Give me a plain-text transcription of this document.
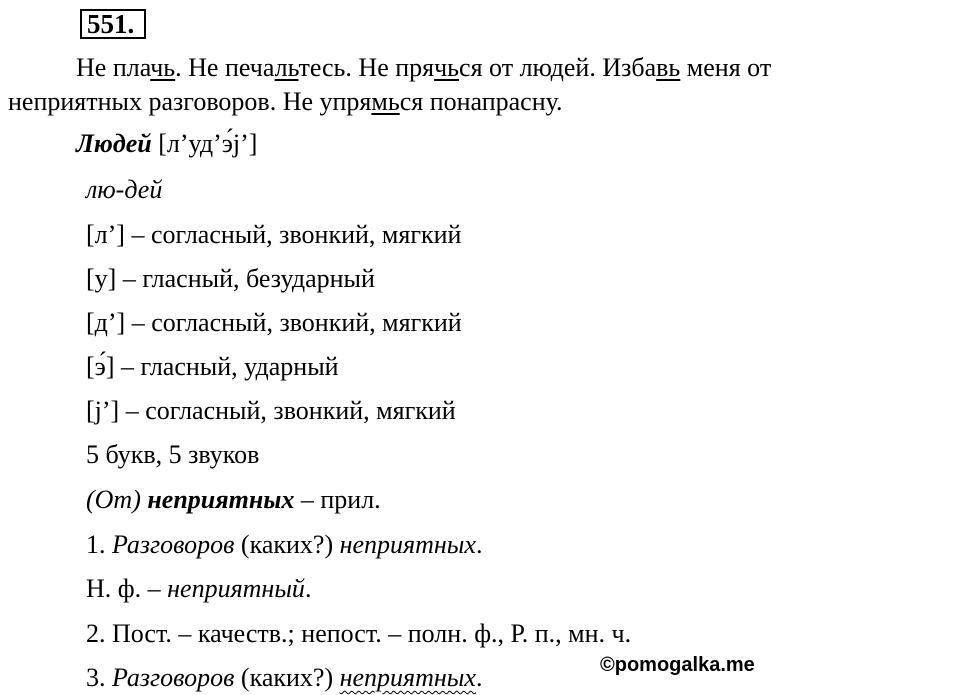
551.
Не плачь. Не печальтесь. Не прячься от людей. Избавь меня от
неприятных разговоров. Не упрямься понапрасну.
Людей [л’уд’э́j’]
лю-дей
[л’] – согласный, звонкий, мягкий
[у] – гласный, безударный
[д’] – согласный, звонкий, мягкий
[э́] – гласный, ударный
[j’] – согласный, звонкий, мягкий
5 букв, 5 звуков
(От) неприятных – прил.
1. Разговоров (каких?) неприятных.
Н. ф. – неприятный.
2. Пост. – качеств.; непост. – полн. ф., Р. п., мн. ч.
3. Разговоров (каких?) неприятных.	©pomogalka.me
